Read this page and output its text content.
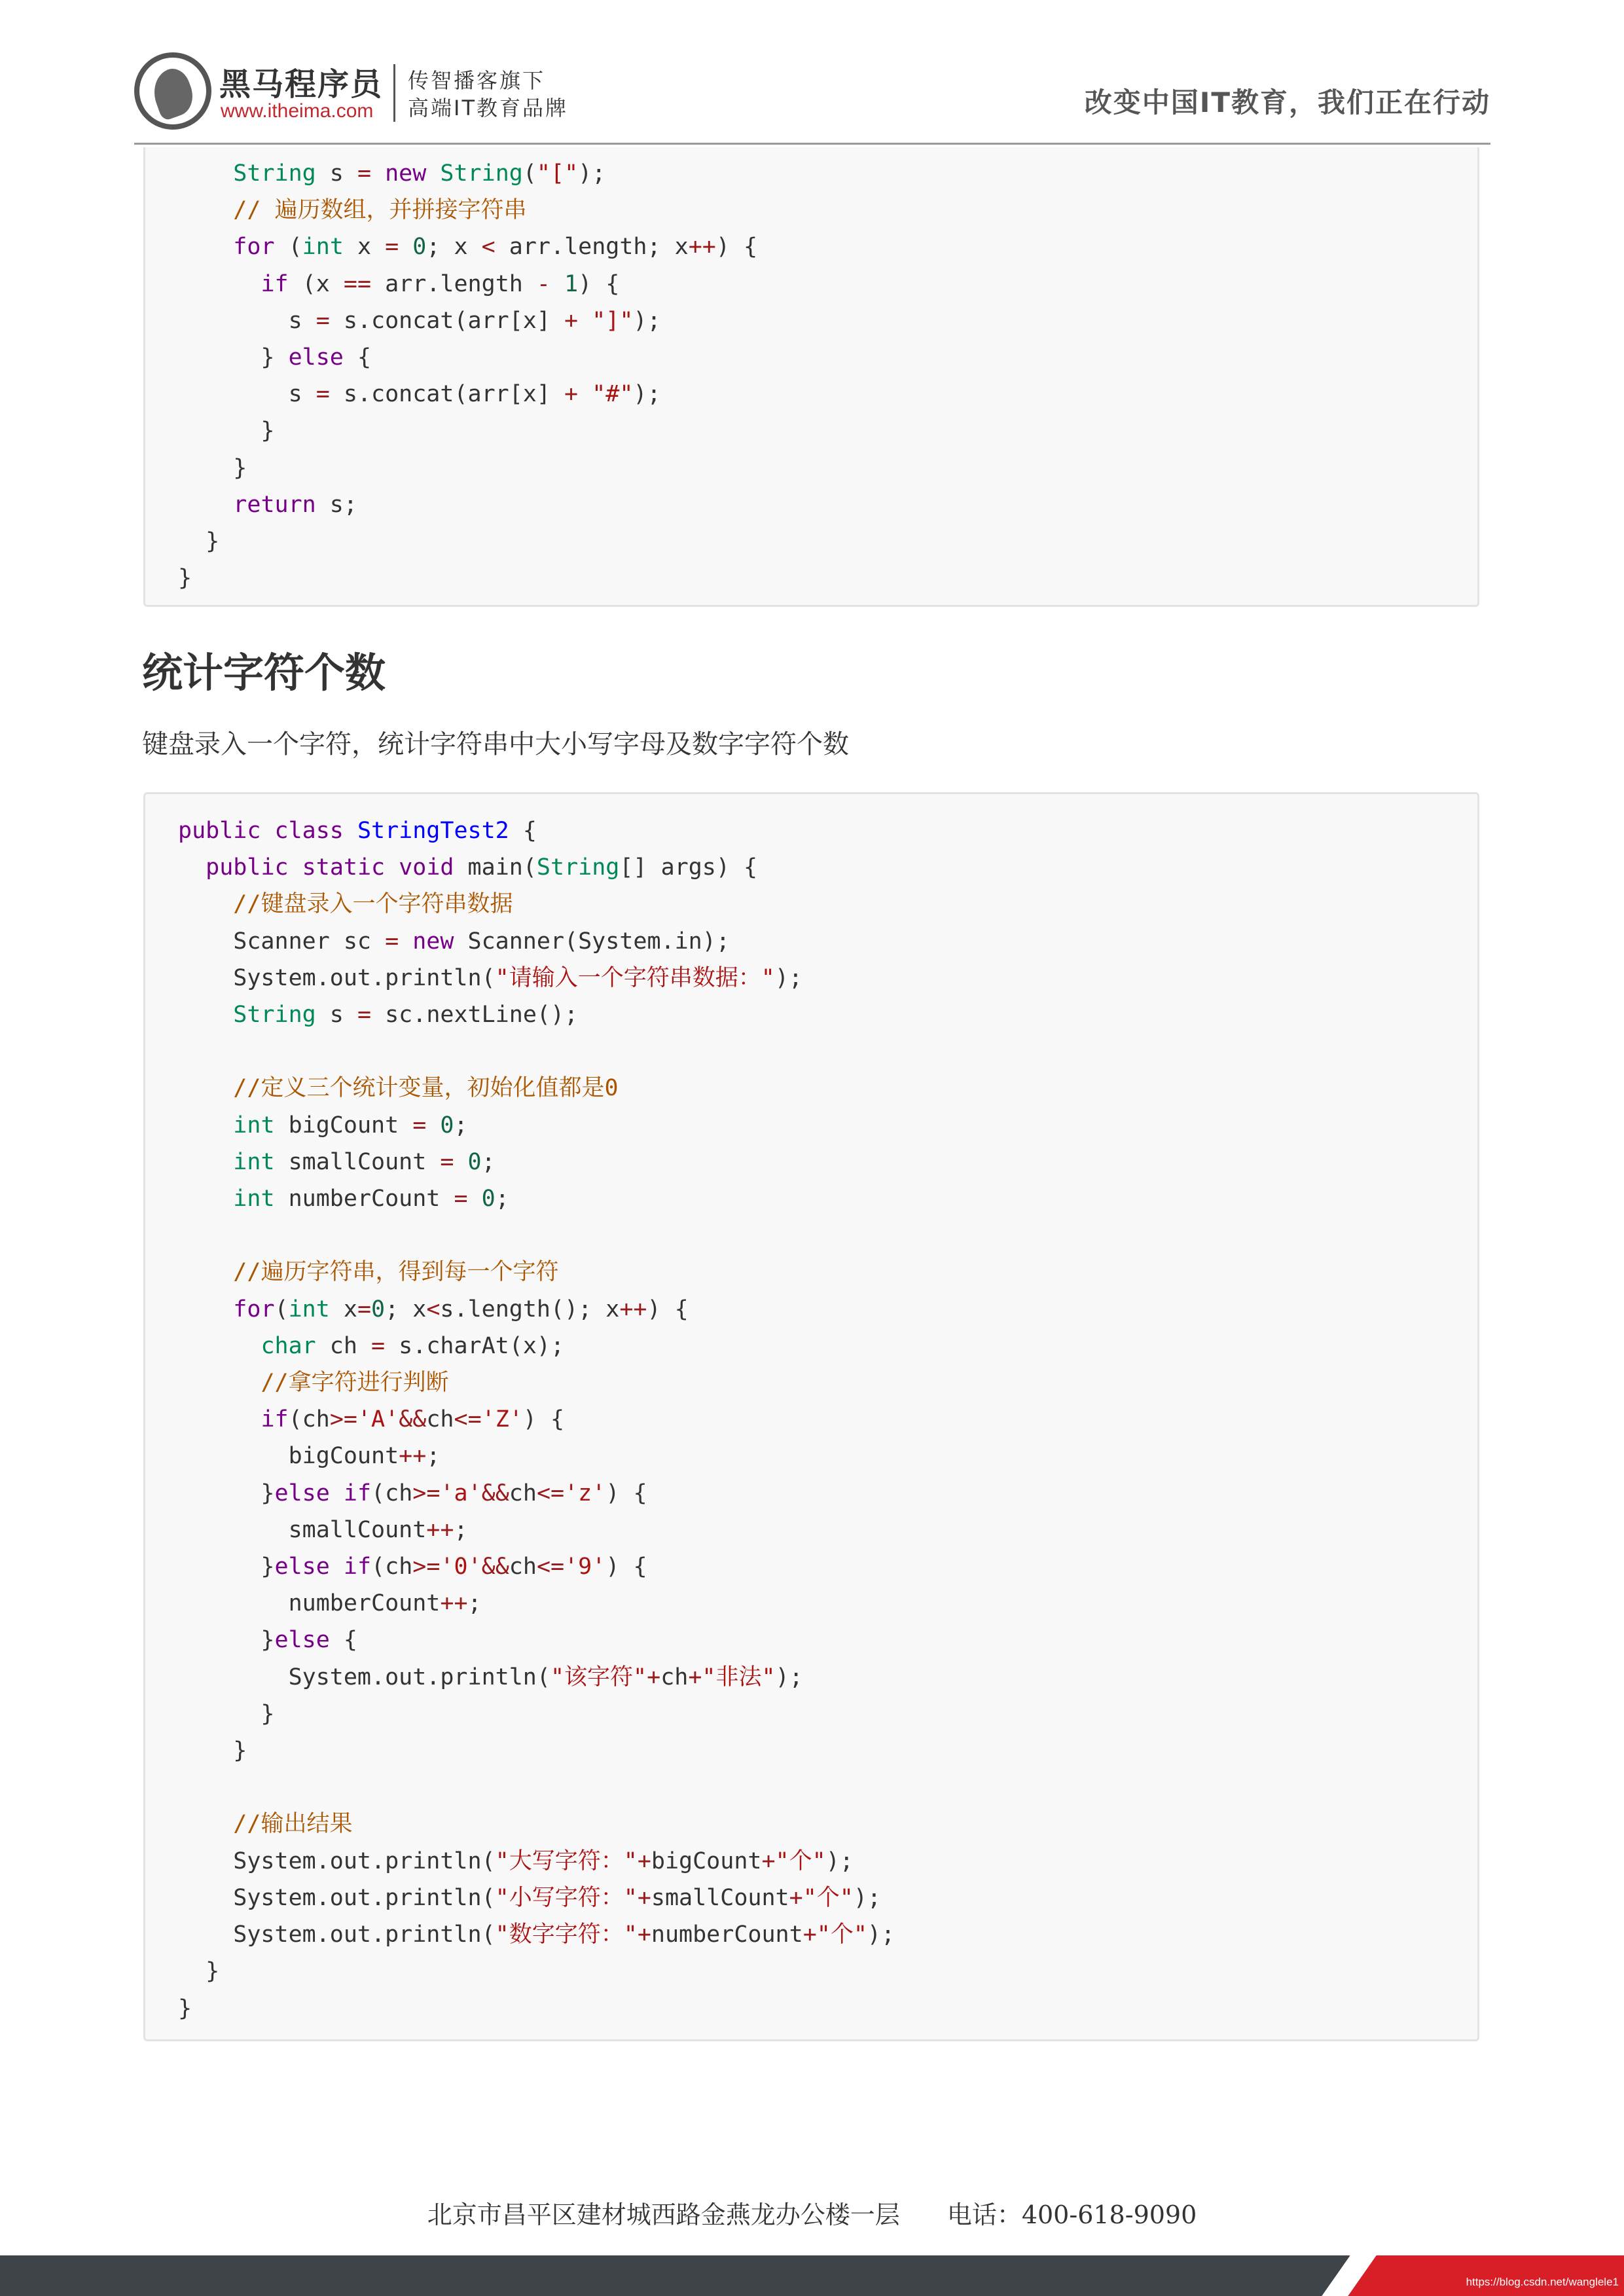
黑马程序员
www.itheima.com
传智播客旗下
高端IT教育品牌	改变中国IT教育，我们正在行动
String s = new String("[");
// 遍历数组，并拼接字符串
for (int x = 0; x < arr.length; x++) {
if (x == arr.length - 1) {
s = s.concat(arr[x] + "]");
} else {
s = s.concat(arr[x] + "#");
}
}
return s;
}
}
统计字符个数
键盘录入一个字符，统计字符串中大小写字母及数字字符个数
public class StringTest2 {
public static void main(String[] args) {
//键盘录入一个字符串数据
Scanner sc = new Scanner(System.in);
System.out.println("请输入一个字符串数据：");
String s = sc.nextLine();

//定义三个统计变量，初始化值都是0
int bigCount = 0;
int smallCount = 0;
int numberCount = 0;

//遍历字符串，得到每一个字符
for(int x=0; x<s.length(); x++) {
char ch = s.charAt(x);
//拿字符进行判断
if(ch>='A'&&ch<='Z') {
bigCount++;
}else if(ch>='a'&&ch<='z') {
smallCount++;
}else if(ch>='0'&&ch<='9') {
numberCount++;
}else {
System.out.println("该字符"+ch+"非法");
}
}

//输出结果
System.out.println("大写字符："+bigCount+"个");
System.out.println("小写字符："+smallCount+"个");
System.out.println("数字字符："+numberCount+"个");
}
}
北京市昌平区建材城西路金燕龙办公楼一层 电话：400-618-9090
https://blog.csdn.net/wanglele1
